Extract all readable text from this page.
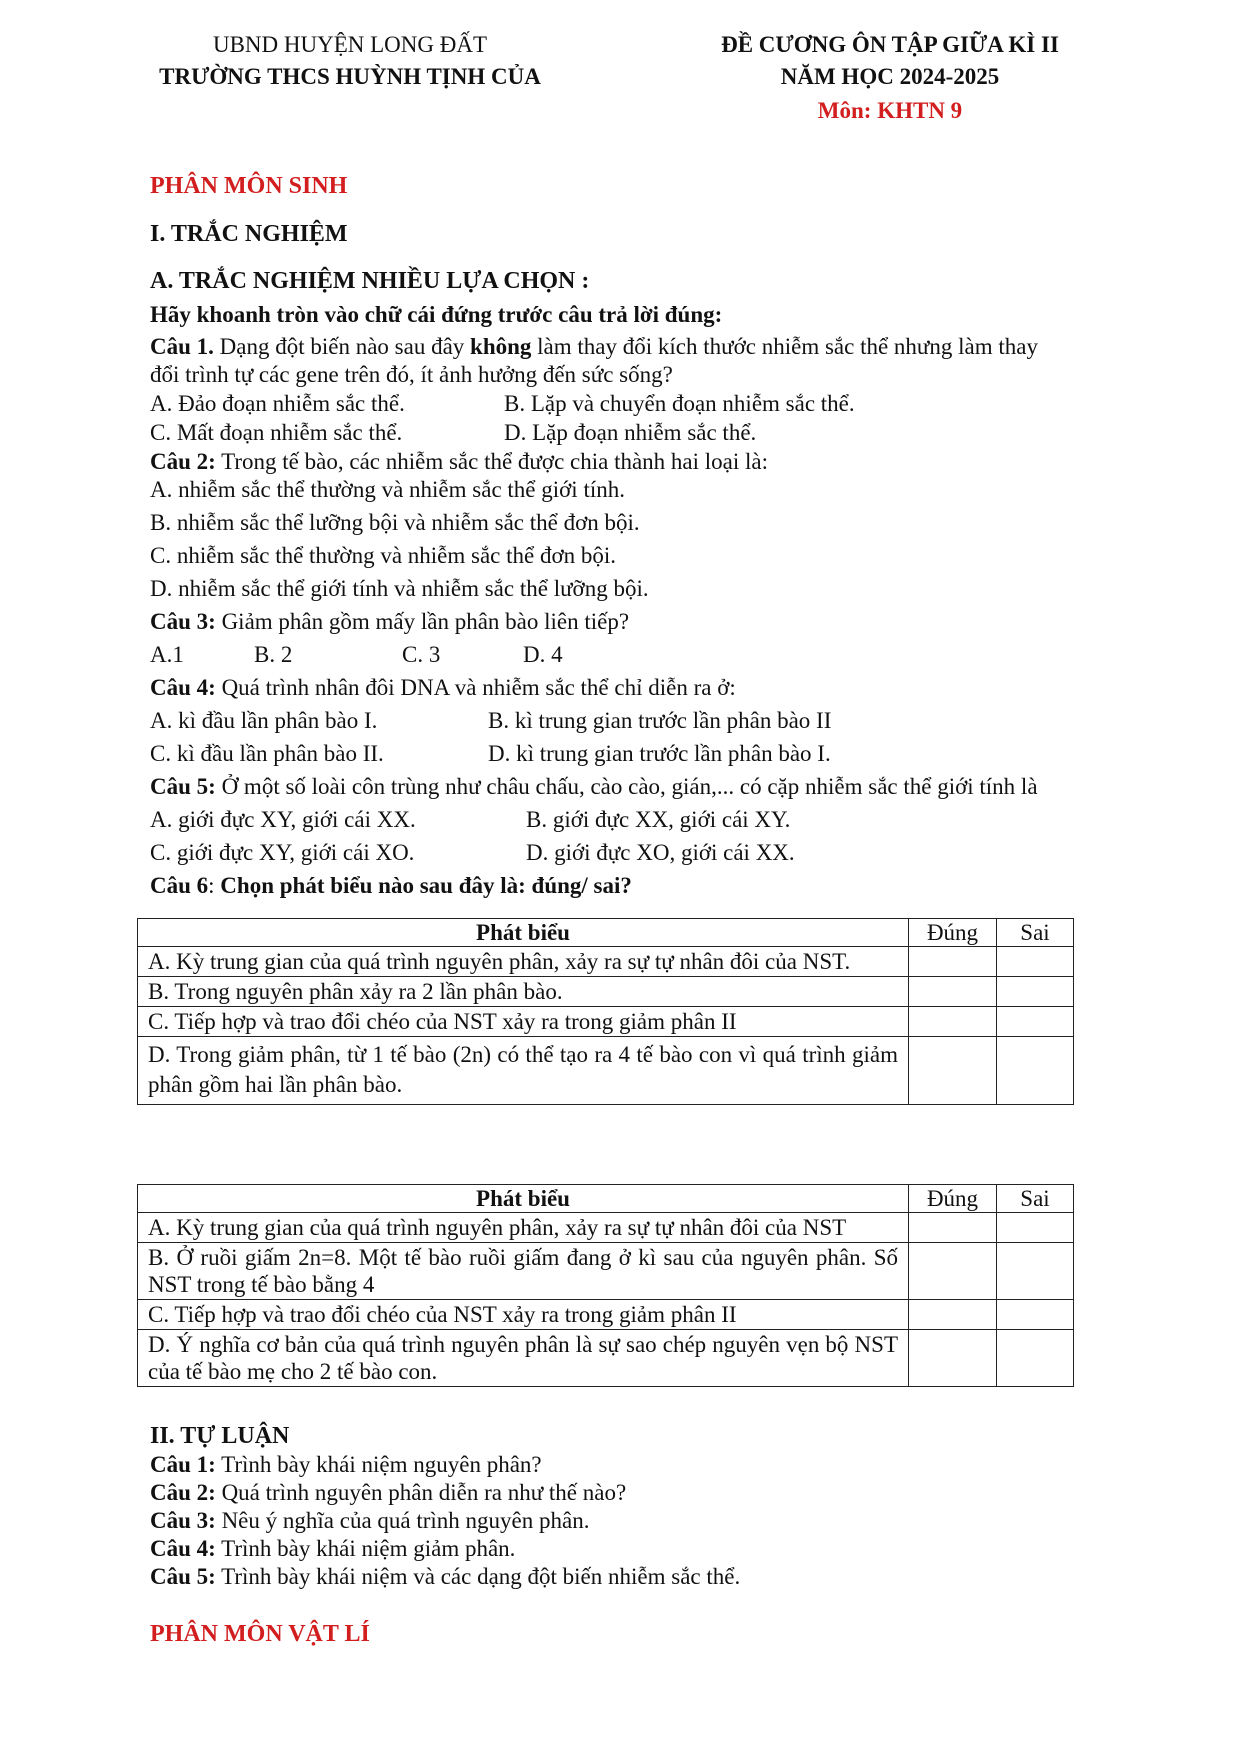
UBND HUYỆN LONG ĐẤT
TRƯỜNG THCS HUỲNH TỊNH CỦA
ĐỀ CƯƠNG ÔN TẬP GIỮA KÌ II
NĂM HỌC 2024-2025
Môn: KHTN 9
PHÂN MÔN SINH
I. TRẮC NGHIỆM
A. TRẮC NGHIỆM NHIỀU LỰA CHỌN :
Hãy khoanh tròn vào chữ cái đứng trước câu trả lời đúng:
Câu 1. Dạng đột biến nào sau đây không làm thay đổi kích thước nhiễm sắc thể nhưng làm thay
đổi trình tự các gene trên đó, ít ảnh hưởng đến sức sống?
A. Đảo đoạn nhiễm sắc thể.	B. Lặp và chuyển đoạn nhiễm sắc thể.
C. Mất đoạn nhiễm sắc thể.	D. Lặp đoạn nhiễm sắc thể.
Câu 2: Trong tế bào, các nhiễm sắc thể được chia thành hai loại là:
A. nhiễm sắc thể thường và nhiễm sắc thể giới tính.
B. nhiễm sắc thể lưỡng bội và nhiễm sắc thể đơn bội.
C. nhiễm sắc thể thường và nhiễm sắc thể đơn bội.
D. nhiễm sắc thể giới tính và nhiễm sắc thể lưỡng bội.
Câu 3: Giảm phân gồm mấy lần phân bào liên tiếp?
A.1	B. 2	C. 3	D. 4
Câu 4: Quá trình nhân đôi DNA và nhiễm sắc thể chỉ diễn ra ở:
A. kì đầu lần phân bào I.	B. kì trung gian trước lần phân bào II
C. kì đầu lần phân bào II.	D. kì trung gian trước lần phân bào I.
Câu 5: Ở một số loài côn trùng như châu chấu, cào cào, gián,... có cặp nhiễm sắc thể giới tính là
A. giới đực XY, giới cái XX.	B. giới đực XX, giới cái XY.
C. giới đực XY, giới cái XO.	D. giới đực XO, giới cái XX.
Câu 6: Chọn phát biểu nào sau đây là: đúng/ sai?
Phát biểu	Đúng	Sai
A. Kỳ trung gian của quá trình nguyên phân, xảy ra sự tự nhân đôi của NST.		
B. Trong nguyên phân xảy ra 2 lần phân bào.		
C. Tiếp hợp và trao đổi chéo của NST xảy ra trong giảm phân II		
D. Trong giảm phân, từ 1 tế bào (2n) có thể tạo ra 4 tế bào con vì quá trình giảm phân gồm hai lần phân bào.		
Phát biểu	Đúng	Sai
A. Kỳ trung gian của quá trình nguyên phân, xảy ra sự tự nhân đôi của NST		
B. Ở ruồi giấm 2n=8. Một tế bào ruồi giấm đang ở kì sau của nguyên phân. Số NST trong tế bào bằng 4		
C. Tiếp hợp và trao đổi chéo của NST xảy ra trong giảm phân II		
D. Ý nghĩa cơ bản của quá trình nguyên phân là sự sao chép nguyên vẹn bộ NST của tế bào mẹ cho 2 tế bào con.		
II. TỰ LUẬN
Câu 1: Trình bày khái niệm nguyên phân?
Câu 2: Quá trình nguyên phân diễn ra như thế nào?
Câu 3: Nêu ý nghĩa của quá trình nguyên phân.
Câu 4: Trình bày khái niệm giảm phân.
Câu 5: Trình bày khái niệm và các dạng đột biến nhiễm sắc thể.
PHÂN MÔN VẬT LÍ
